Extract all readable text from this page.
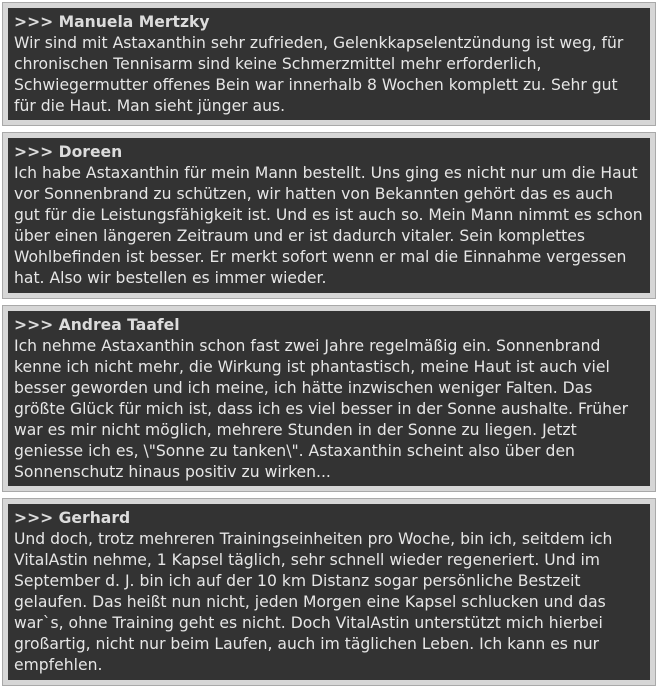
>>> Manuela Mertzky
Wir sind mit Astaxanthin sehr zufrieden, Gelenkkapselentzündung ist weg, für chronischen Tennisarm sind keine Schmerzmittel mehr erforderlich, Schwiegermutter offenes Bein war innerhalb 8 Wochen komplett zu. Sehr gut für die Haut. Man sieht jünger aus.
>>> Doreen
Ich habe Astaxanthin für mein Mann bestellt. Uns ging es nicht nur um die Haut vor Sonnenbrand zu schützen, wir hatten von Bekannten gehört das es auch gut für die Leistungsfähigkeit ist. Und es ist auch so. Mein Mann nimmt es schon über einen längeren Zeitraum und er ist dadurch vitaler. Sein komplettes Wohlbefinden ist besser. Er merkt sofort wenn er mal die Einnahme vergessen hat. Also wir bestellen es immer wieder.
>>> Andrea Taafel
Ich nehme Astaxanthin schon fast zwei Jahre regelmäßig ein. Sonnenbrand kenne ich nicht mehr, die Wirkung ist phantastisch, meine Haut ist auch viel besser geworden und ich meine, ich hätte inzwischen weniger Falten. Das größte Glück für mich ist, dass ich es viel besser in der Sonne aushalte. Früher war es mir nicht möglich, mehrere Stunden in der Sonne zu liegen. Jetzt geniesse ich es, \"Sonne zu tanken\". Astaxanthin scheint also über den Sonnenschutz hinaus positiv zu wirken...
>>> Gerhard
Und doch, trotz mehreren Trainingseinheiten pro Woche, bin ich, seitdem ich VitalAstin nehme, 1 Kapsel täglich, sehr schnell wieder regeneriert. Und im September d. J. bin ich auf der 10 km Distanz sogar persönliche Bestzeit gelaufen. Das heißt nun nicht, jeden Morgen eine Kapsel schlucken und das war`s, ohne Training geht es nicht. Doch VitalAstin unterstützt mich hierbei großartig, nicht nur beim Laufen, auch im täglichen Leben. Ich kann es nur empfehlen.
